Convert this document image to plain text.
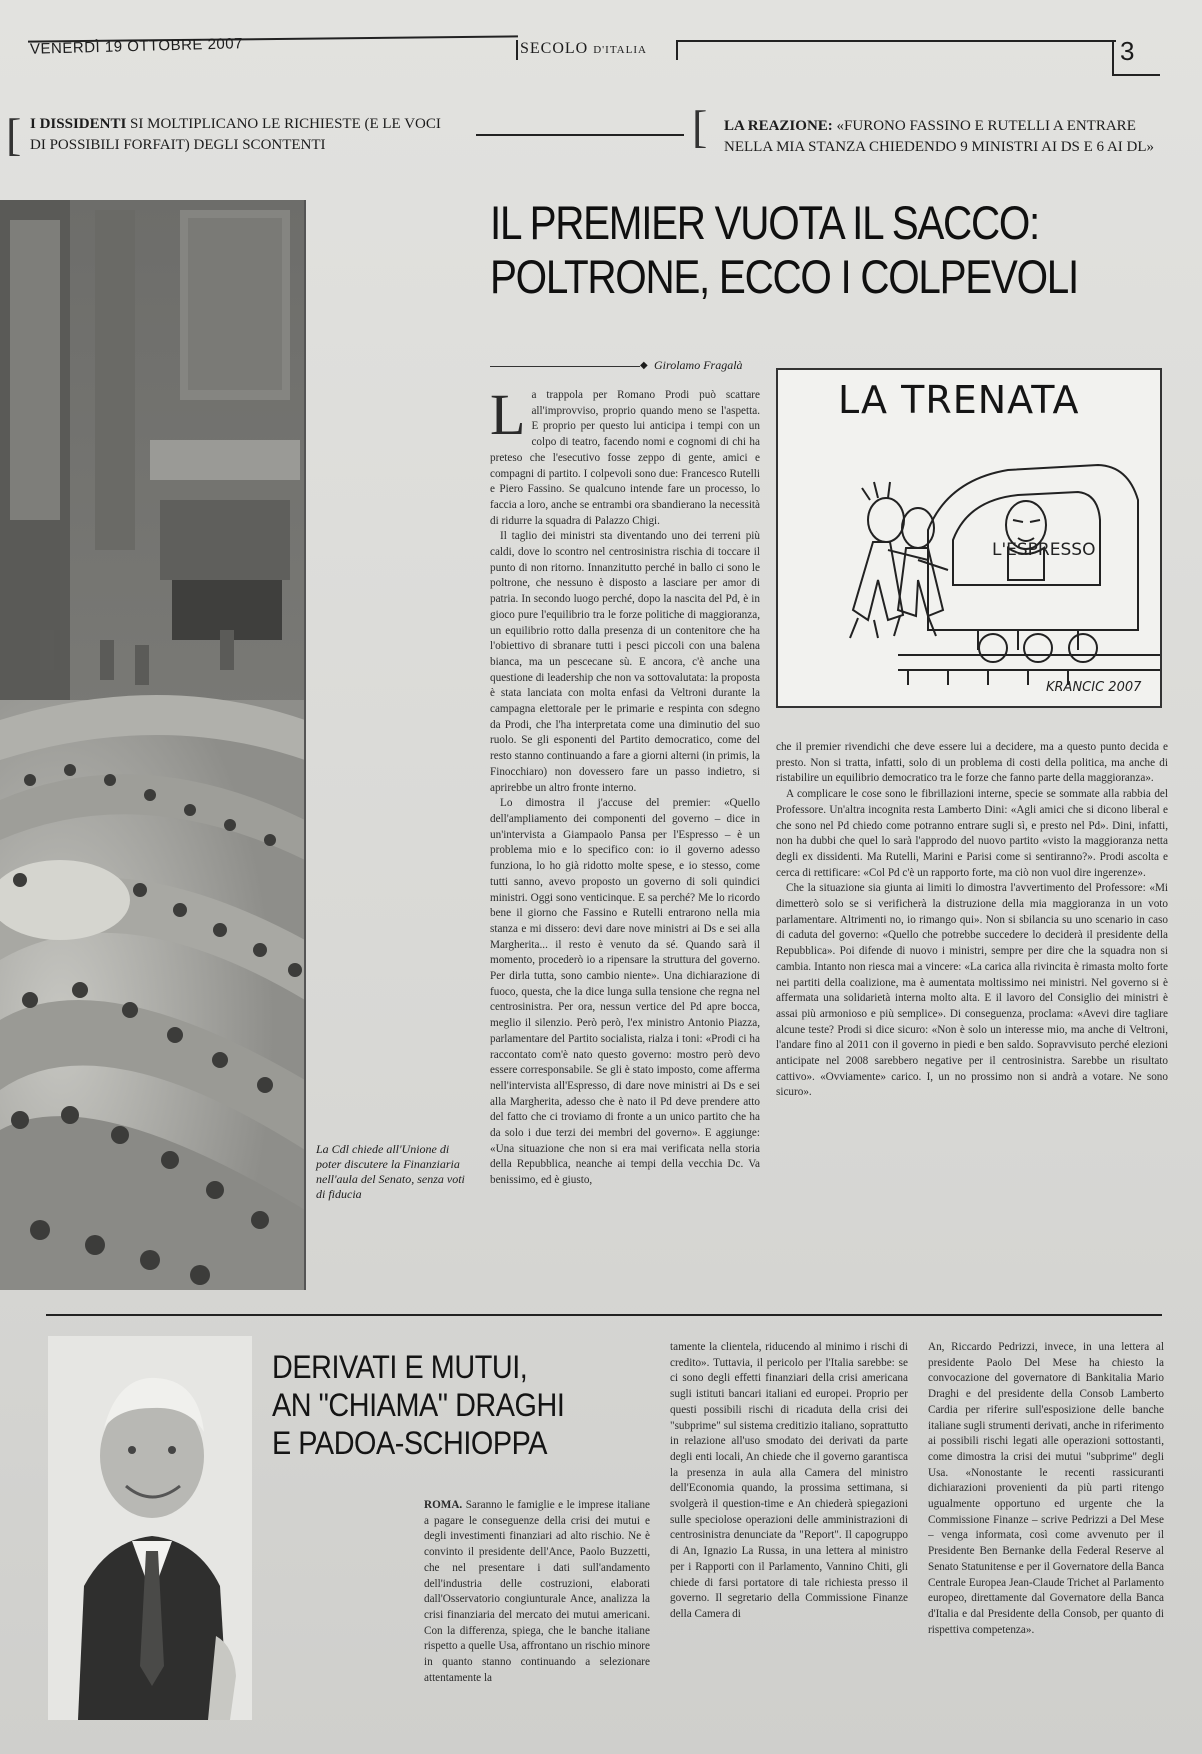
VENERDÌ 19 OTTOBRE 2007	SECOLO D'ITALIA	3
[ I DISSIDENTI SI MOLTIPLICANO LE RICHIESTE (E LE VOCI DI POSSIBILI FORFAIT) DEGLI SCONTENTI	[ LA REAZIONE: «FURONO FASSINO E RUTELLI A ENTRARE NELLA MIA STANZA CHIEDENDO 9 MINISTRI AI DS E 6 AI DL»
IL PREMIER VUOTA IL SACCO:
POLTRONE, ECCO I COLPEVOLI
◆ Girolamo Fragalà
L a trappola per Romano Prodi può scattare all'improvviso, proprio quando meno se l'aspetta. E proprio per questo lui anticipa i tempi con un colpo di teatro, facendo nomi e cognomi di chi ha preteso che l'esecutivo fosse zeppo di gente, amici e compagni di partito. I colpevoli sono due: Francesco Rutelli e Piero Fassino. Se qualcuno intende fare un processo, lo faccia a loro, anche se entrambi ora sbandierano la necessità di ridurre la squadra di Palazzo Chigi.

Il taglio dei ministri sta diventando uno dei terreni più caldi, dove lo scontro nel centrosinistra rischia di toccare il punto di non ritorno. Innanzitutto perché in ballo ci sono le poltrone, che nessuno è disposto a lasciare per amor di patria. In secondo luogo perché, dopo la nascita del Pd, è in gioco pure l'equilibrio tra le forze politiche di maggioranza, un equilibrio rotto dalla presenza di un contenitore che ha l'obiettivo di sbranare tutti i pesci piccoli con una balena bianca, ma un pescecane sù. E ancora, c'è anche una questione di leadership che non va sottovalutata: la proposta è stata lanciata con molta enfasi da Veltroni durante la campagna elettorale per le primarie e respinta con sdegno da Prodi, che l'ha interpretata come una diminutio del suo ruolo. Se gli esponenti del Partito democratico, come del resto stanno continuando a fare a giorni alterni (in primis, la Finocchiaro) non dovessero fare un passo indietro, si aprirebbe un altro fronte interno.

Lo dimostra il j'accuse del premier: «Quello dell'ampliamento dei componenti del governo – dice in un'intervista a Giampaolo Pansa per l'Espresso – è un problema mio e lo specifico con: io il governo adesso funziona, lo ho già ridotto molte spese, e io stesso, come tutti sanno, avevo proposto un governo di soli quindici ministri. Oggi sono venticinque. E sa perché? Me lo ricordo bene il giorno che Fassino e Rutelli entrarono nella mia stanza e mi dissero: devi dare nove ministri ai Ds e sei alla Margherita... il resto è venuto da sé. Quando sarà il momento, procederò io a ripensare la struttura del governo. Per dirla tutta, sono cambio niente». Una dichiarazione di fuoco, questa, che la dice lunga sulla tensione che regna nel centrosinistra. Per ora, nessun vertice del Pd apre bocca, meglio il silenzio. Però però, l'ex ministro Antonio Piazza, parlamentare del Partito socialista, rialza i toni: «Prodi ci ha raccontato com'è nato questo governo: mostro però devo essere corresponsabile. Se gli è stato imposto, come afferma nell'intervista all'Espresso, di dare nove ministri ai Ds e sei alla Margherita, adesso che è nato il Pd deve prendere atto del fatto che ci troviamo di fronte a un unico partito che ha da solo i due terzi dei membri del governo». E aggiunge: «Una situazione che non si era mai verificata nella storia della Repubblica, neanche ai tempi della vecchia Dc. Va benissimo, ed è giusto,

LA TRENATA
L'ESPRESSO
KRANCIC 2007

che il premier rivendichi che deve essere lui a decidere, ma a questo punto decida e presto. Non si tratta, infatti, solo di un problema di costi della politica, ma anche di ristabilire un equilibrio democratico tra le forze che fanno parte della maggioranza».

A complicare le cose sono le fibrillazioni interne, specie se sommate alla rabbia del Professore. Un'altra incognita resta Lamberto Dini: «Agli amici che si dicono liberal e che sono nel Pd chiedo come potranno entrare sugli sì, e presto nel Pd». Dini, infatti, non ha dubbi che quel lo sarà l'approdo del nuovo partito «visto la maggioranza netta degli ex dissidenti. Ma Rutelli, Marini e Parisi come si sentiranno?». Prodi ascolta e cerca di rettificare: «Col Pd c'è un rapporto forte, ma ciò non vuol dire ingerenze».

Che la situazione sia giunta ai limiti lo dimostra l'avvertimento del Professore: «Mi dimetterò solo se si verificherà la distruzione della mia maggioranza in un voto parlamentare. Altrimenti no, io rimango qui». Non si sbilancia su uno scenario in caso di caduta del governo: «Quello che potrebbe succedere lo deciderà il presidente della Repubblica». Poi difende di nuovo i ministri, sempre per dire che la squadra non si cambia. Intanto non riesca mai a vincere: «La carica alla rivincita è rimasta molto forte nei partiti della coalizione, ma è aumentata moltissimo nei ministri. Nel governo si è affermata una solidarietà interna molto alta. E il lavoro del Consiglio dei ministri è assai più armonioso e più semplice». Di conseguenza, proclama: «Avevi dire tagliare alcune teste? Prodi si dice sicuro: «Non è solo un interesse mio, ma anche di Veltroni, l'andare fino al 2011 con il governo in piedi e ben saldo. Sopravvisuto perché elezioni anticipate nel 2008 sarebbero negative per il centrosinistra. Sarebbe un risultato cattivo». «Ovviamente» carico. I, un no prossimo non si andrà a votare. Ne sono sicuro».

La Cdl chiede all'Unione di poter discutere la Finanziaria nell'aula del Senato, senza voti di fiducia
DERIVATI E MUTUI,
AN "CHIAMA" DRAGHI
E PADOA-SCHIOPPA

ROMA. Saranno le famiglie e le imprese italiane a pagare le conseguenze della crisi dei mutui e degli investimenti finanziari ad alto rischio. Ne è convinto il presidente dell'Ance, Paolo Buzzetti, che nel presentare i dati sull'andamento dell'industria delle costruzioni, elaborati dall'Osservatorio congiunturale Ance, analizza la crisi finanziaria del mercato dei mutui americani. Con la differenza, spiega, che le banche italiane rispetto a quelle Usa, affrontano un rischio minore in quanto stanno continuando a selezionare attentamente la

tamente la clientela, riducendo al minimo i rischi di credito». Tuttavia, il pericolo per l'Italia sarebbe: se ci sono degli effetti finanziari della crisi americana sugli istituti bancari italiani ed europei. Proprio per questi possibili rischi di ricaduta della crisi dei "subprime" sul sistema creditizio italiano, soprattutto in relazione all'uso smodato dei derivati da parte degli enti locali, An chiede che il governo garantisca la presenza in aula alla Camera del ministro dell'Economia quando, la prossima settimana, si svolgerà il question-time e An chiederà spiegazioni sulle speciolose operazioni delle amministrazioni di centrosinistra denunciate da "Report". Il capogruppo di An, Ignazio La Russa, in una lettera al ministro per i Rapporti con il Parlamento, Vannino Chiti, gli chiede di farsi portatore di tale richiesta presso il governo. Il segretario della Commissione Finanze della Camera di

An, Riccardo Pedrizzi, invece, in una lettera al presidente Paolo Del Mese ha chiesto la convocazione del governatore di Bankitalia Mario Draghi e del presidente della Consob Lamberto Cardia per riferire sull'esposizione delle banche italiane sugli strumenti derivati, anche in riferimento ai possibili rischi legati alle operazioni sottostanti, come dimostra la crisi dei mutui "subprime" degli Usa. «Nonostante le recenti rassicuranti dichiarazioni provenienti da più parti ritengo ugualmente opportuno ed urgente che la Commissione Finanze – scrive Pedrizzi a Del Mese – venga informata, così come avvenuto per il Presidente Ben Bernanke della Federal Reserve al Senato Statunitense e per il Governatore della Banca Centrale Europea Jean-Claude Trichet al Parlamento europeo, direttamente dal Governatore della Banca d'Italia e dal Presidente della Consob, per quanto di rispettiva competenza».
